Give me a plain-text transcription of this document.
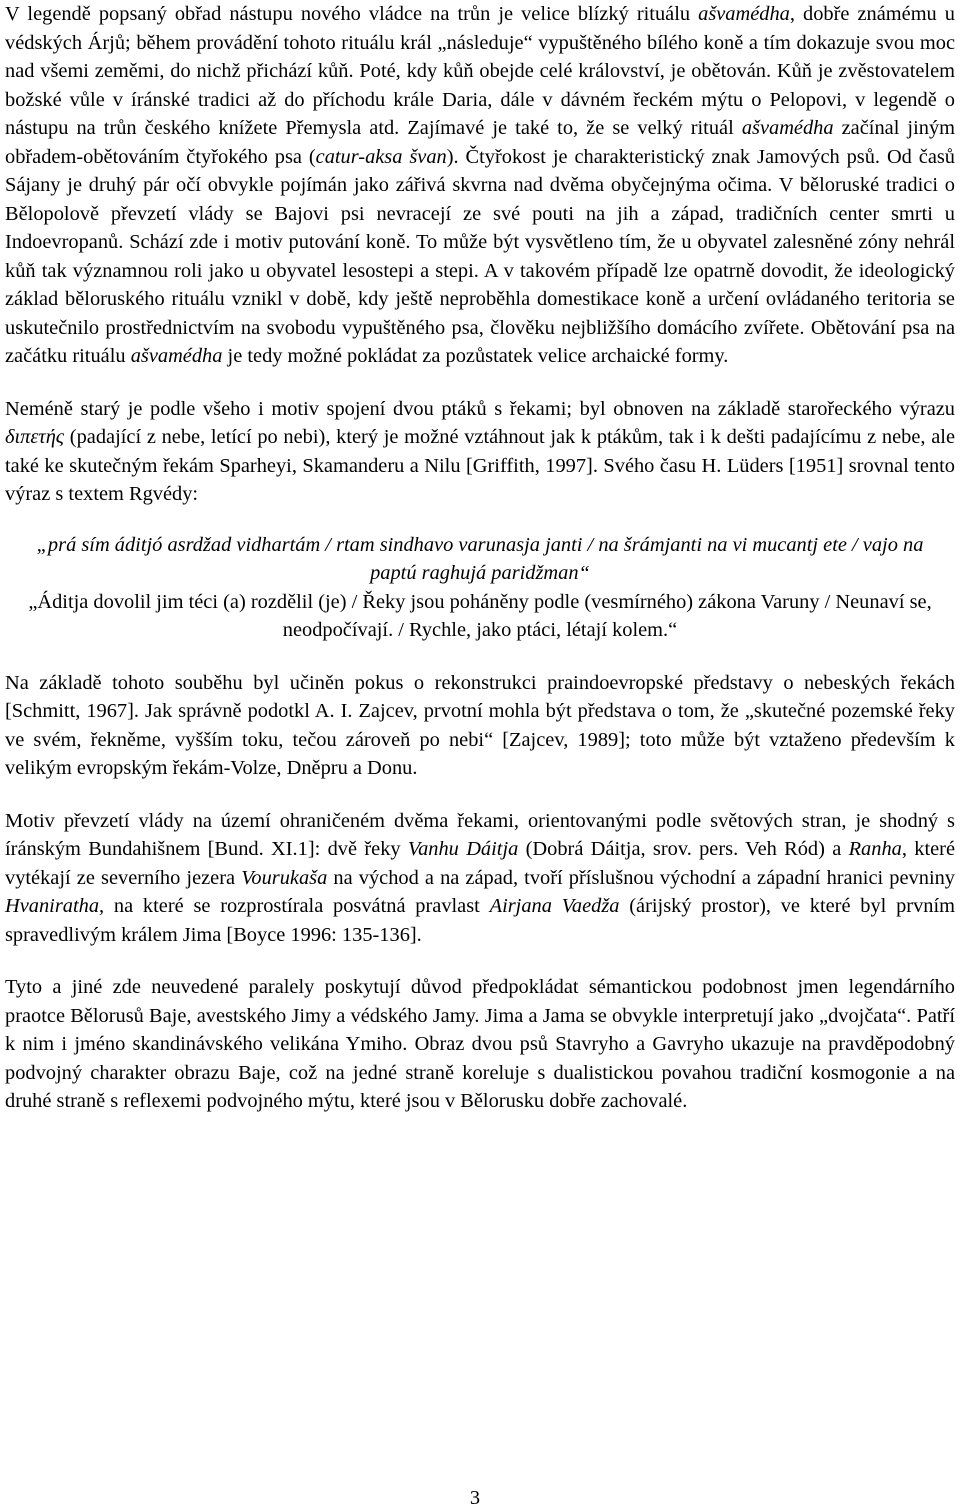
V legendě popsaný obřad nástupu nového vládce na trůn je velice blízký rituálu ašvamédha, dobře známému u védských Árjů; během provádění tohoto rituálu král „následuje“ vypuštěného bílého koně a tím dokazuje svou moc nad všemi zeměmi, do nichž přichází kůň. Poté, kdy kůň obejde celé království, je obětován. Kůň je zvěstovatelem božské vůle v íránské tradici až do příchodu krále Daria, dále v dávném řeckém mýtu o Pelopovi, v legendě o nástupu na trůn českého knížete Přemysla atd. Zajímavé je také to, že se velký rituál ašvamédha začínal jiným obřadem-obětováním čtyřokého psa (catur-aksa švan). Čtyřokost je charakteristický znak Jamových psů. Od časů Sájany je druhý pár očí obvykle pojímán jako zářivá skvrna nad dvěma obyčejnýma očima. V běloruské tradici o Bělopolově převzetí vlády se Bajovi psi nevracejí ze své pouti na jih a západ, tradičních center smrti u Indoevropanů. Schází zde i motiv putování koně. To může být vysvětleno tím, že u obyvatel zalesněné zóny nehrál kůň tak významnou roli jako u obyvatel lesostepi a stepi. A v takovém případě lze opatrně dovodit, že ideologický základ běloruského rituálu vznikl v době, kdy ještě neproběhla domestikace koně a určení ovládaného teritoria se uskutečnilo prostřednictvím na svobodu vypuštěného psa, člověku nejbližšího domácího zvířete. Obětování psa na začátku rituálu ašvamédha je tedy možné pokládat za pozůstatek velice archaické formy.

Neméně starý je podle všeho i motiv spojení dvou ptáků s řekami; byl obnoven na základě starořeckého výrazu διπετής (padající z nebe, letící po nebi), který je možné vztáhnout jak k ptákům, tak i k dešti padajícímu z nebe, ale také ke skutečným řekám Sparheyi, Skamanderu a Nilu [Griffith, 1997]. Svého času H. Lüders [1951] srovnal tento výraz s textem Rgvédy:

„prá sím áditjó asrdžad vidhartám / rtam sindhavo varunasja janti / na šrámjanti na vi mucantj ete / vajo na paptú raghujá paridžman“

„Áditja dovolil jim téci (a) rozdělil (je) / Řeky jsou poháněny podle (vesmírného) zákona Varuny / Neunaví se, neodpočívají. / Rychle, jako ptáci, létají kolem.“

Na základě tohoto souběhu byl učiněn pokus o rekonstrukci praindoevropské představy o nebeských řekách [Schmitt, 1967]. Jak správně podotkl A. I. Zajcev, prvotní mohla být představa o tom, že „skutečné pozemské řeky ve svém, řekněme, vyšším toku, tečou zároveň po nebi“ [Zajcev, 1989]; toto může být vztaženo především k velikým evropským řekám-Volze, Dněpru a Donu.

Motiv převzetí vlády na území ohraničeném dvěma řekami, orientovanými podle světových stran, je shodný s íránským Bundahišnem [Bund. XI.1]: dvě řeky Vanhu Dáitja (Dobrá Dáitja, srov. pers. Veh Ród) a Ranha, které vytékají ze severního jezera Vourukaša na východ a na západ, tvoří příslušnou východní a západní hranici pevniny Hvaniratha, na které se rozprostírala posvátná pravlast Airjana Vaedža (árijský prostor), ve které byl prvním spravedlivým králem Jima [Boyce 1996: 135-136].

Tyto a jiné zde neuvedené paralely poskytují důvod předpokládat sémantickou podobnost jmen legendárního praotce Bělorusů Baje, avestského Jimy a védského Jamy. Jima a Jama se obvykle interpretují jako „dvojčata“. Patří k nim i jméno skandinávského velikána Ymiho. Obraz dvou psů Stavryho a Gavryho ukazuje na pravděpodobný podvojný charakter obrazu Baje, což na jedné straně koreluje s dualistickou povahou tradiční kosmogonie a na druhé straně s reflexemi podvojného mýtu, které jsou v Bělorusku dobře zachovalé.

3
